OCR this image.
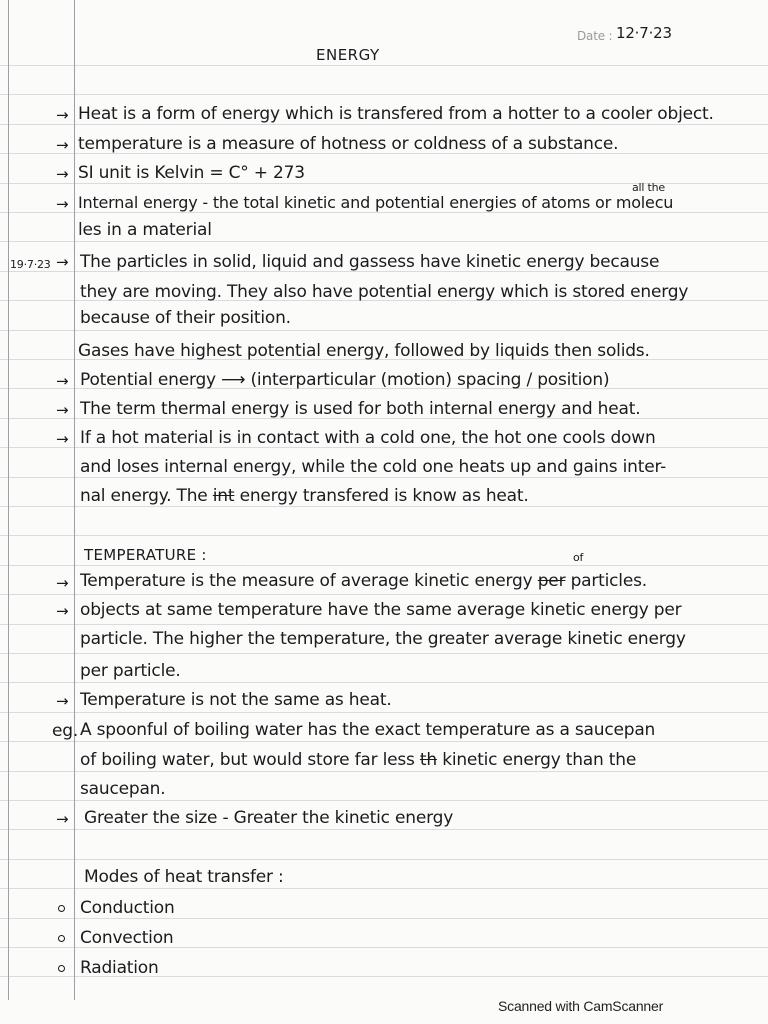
Date : 12·7·23
ENERGY
→ Heat is a form of energy which is transfered from a hotter to a cooler object.
→ temperature is a measure of hotness or coldness of a substance.
→ SI unit is Kelvin = C° + 273
→
all the
Internal energy - the total kinetic and potential energies of atoms or molecu
les in a material
19·7·23 → The particles in solid, liquid and gassess have kinetic energy because
they are moving. They also have potential energy which is stored energy
because of their position.
Gases have highest potential energy, followed by liquids then solids.
→ Potential energy ⟶ (interparticular (motion) spacing / position)
→ The term thermal energy is used for both internal energy and heat.
→ If a hot material is in contact with a cold one, the hot one cools down
and loses internal energy, while the cold one heats up and gains inter-
nal energy. The int energy transfered is know as heat.
TEMPERATURE :
→
of
Temperature is the measure of average kinetic energy per particles.
→ objects at same temperature have the same average kinetic energy per
particle. The higher the temperature, the greater average kinetic energy
per particle.
→ Temperature is not the same as heat.
eg. A spoonful of boiling water has the exact temperature as a saucepan
of boiling water, but would store far less th kinetic energy than the
saucepan.
→ Greater the size - Greater the kinetic energy
Modes of heat transfer :
Conduction
Convection
Radiation
Scanned with CamScanner
